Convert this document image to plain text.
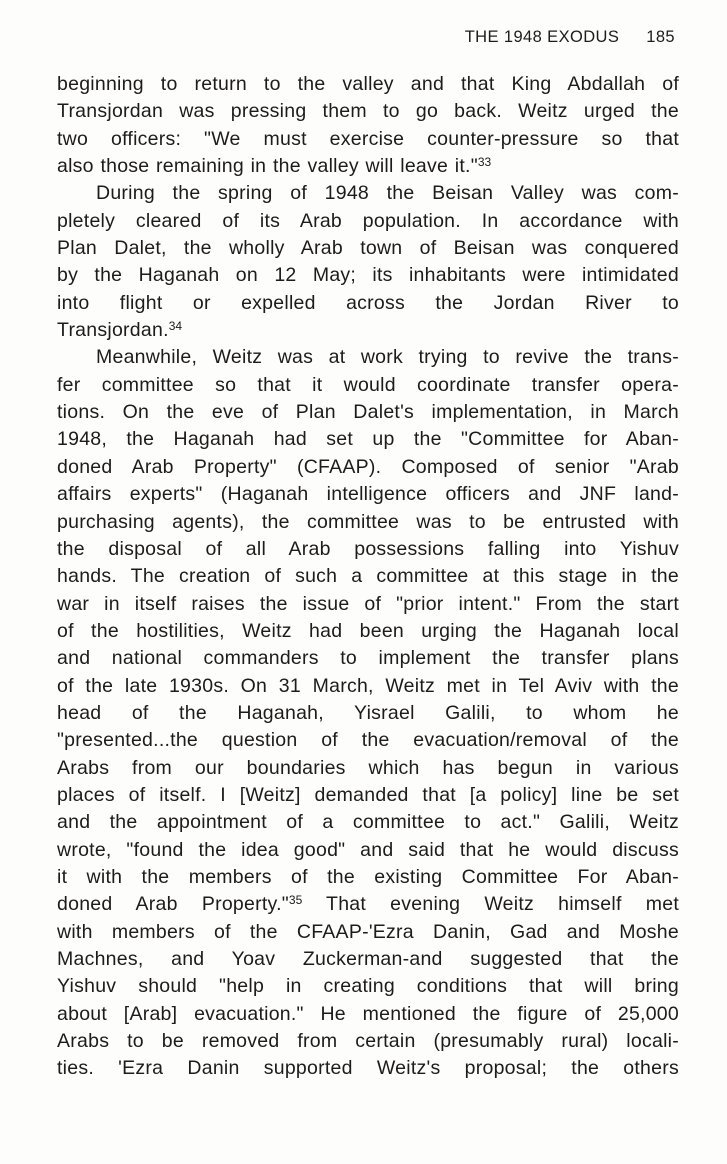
THE 1948 EXODUS 185
beginning to return to the valley and that King Abdallah of
Transjordan was pressing them to go back. Weitz urged the
two officers: "We must exercise counter-pressure so that
also those remaining in the valley will leave it."$^{33}$
During the spring of 1948 the Beisan Valley was com-
pletely cleared of its Arab population. In accordance with
Plan Dalet, the wholly Arab town of Beisan was conquered
by the Haganah on 12 May; its inhabitants were intimidated
into flight or expelled across the Jordan River to
Transjordan.$^{34}$
Meanwhile, Weitz was at work trying to revive the trans-
fer committee so that it would coordinate transfer opera-
tions. On the eve of Plan Dalet's implementation, in March
1948, the Haganah had set up the "Committee for Aban-
doned Arab Property" (CFAAP). Composed of senior "Arab
affairs experts" (Haganah intelligence officers and JNF land-
purchasing agents), the committee was to be entrusted with
the disposal of all Arab possessions falling into Yishuv
hands. The creation of such a committee at this stage in the
war in itself raises the issue of "prior intent." From the start
of the hostilities, Weitz had been urging the Haganah local
and national commanders to implement the transfer plans
of the late 1930s. On 31 March, Weitz met in Tel Aviv with the
head of the Haganah, Yisrael Galili, to whom he
"presented...the question of the evacuation/removal of the
Arabs from our boundaries which has begun in various
places of itself. I [Weitz] demanded that [a policy] line be set
and the appointment of a committee to act." Galili, Weitz
wrote, "found the idea good" and said that he would discuss
it with the members of the existing Committee For Aban-
doned Arab Property."$^{35}$ That evening Weitz himself met
with members of the CFAAP-'Ezra Danin, Gad and Moshe
Machnes, and Yoav Zuckerman-and suggested that the
Yishuv should "help in creating conditions that will bring
about [Arab] evacuation." He mentioned the figure of 25,000
Arabs to be removed from certain (presumably rural) locali-
ties. 'Ezra Danin supported Weitz's proposal; the others
